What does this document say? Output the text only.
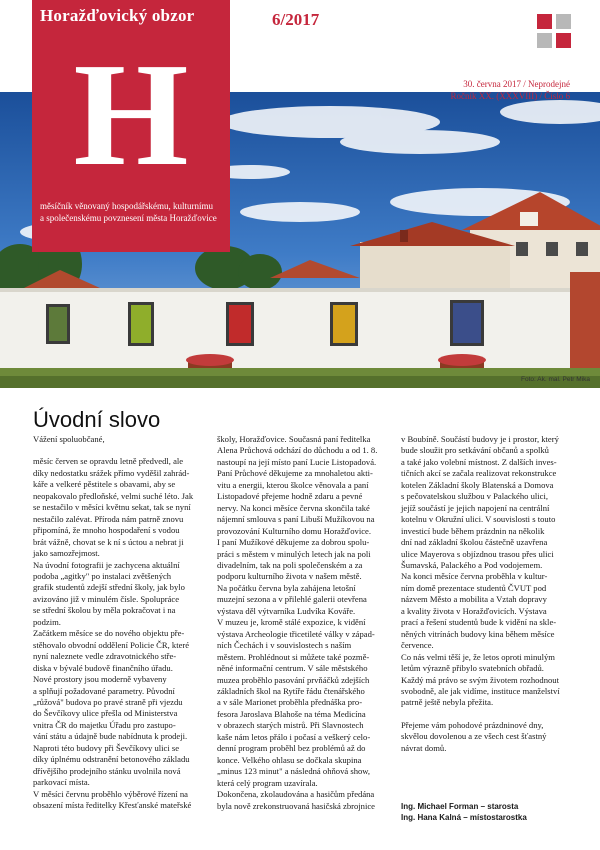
Horažďovický obzor
H
měsíčník věnovaný hospodářskému, kulturnímu
a společenskému povznesení města Horažďovice
6/2017
30. června 2017 / Neprodejné
Ročník XX. (XXXVIII) / Číslo 6
Foto: Ak. mal. Petr Mika
Úvodní slovo

Vážení spoluobčané,

měsíc červen se opravdu letně předvedl, ale

díky nedostatku srážek přímo vyděšil zahrád-

káře a velkeré pěstitele s obavami, aby se

neopakovalo předloňské, velmi suché léto. Jak

se nestačilo v měsíci květnu sekat, tak se nyní

nestačilo zalévat. Příroda nám patrně znovu

připomíná, že mnoho hospodaření s vodou

brát vážně, chovat se k ní s úctou a nebrat ji

jako samozřejmost.

Na úvodní fotografii je zachycena aktuální

podoba „agitky" po instalaci zvětšených

grafik studentů zdejší střední školy, jak bylo

avizováno již v minulém čísle. Spolupráce

se střední školou by měla pokračovat i na

podzim.

Začátkem měsíce se do nového objektu pře-

stěhovalo obvodní oddělení Policie ČR, které

nyní naleznete vedle zdravotnického stře-

diska v bývalé budově finančního úřadu.

Nové prostory jsou moderně vybaveny

a splňují požadované parametry. Původní

„růžová" budova po pravé straně při vjezdu

do Ševčíkovy ulice přešla od Ministerstva

vnitra ČR do majetku Úřadu pro zastupo-

vání státu a údajně bude nabídnuta k prodeji.

Naproti této budovy při Ševčíkovy ulici se

díky úplnému odstranění betonového základu

dřívějšího prodejního stánku uvolnila nová

parkovací místa.

V měsíci červnu proběhlo výběrové řízení na

obsazení místa ředitelky Křesťanské mateřské

školy, Horažďovice. Současná paní ředitelka

Alena Průchová odchází do důchodu a od 1. 8.

nastoupí na její místo paní Lucie Listopadová.

Paní Průchové děkujeme za mnohaletou akti-

vitu a energii, kterou školce věnovala a paní

Listopadové přejeme hodně zdaru a pevné

nervy. Na konci měsíce června skončila také

nájemní smlouva s paní Libuší Mužíkovou na

provozování Kulturního domu Horažďovice.

I paní Mužíkové děkujeme za dobrou spolu-

práci s městem v minulých letech jak na poli

divadelním, tak na poli společenském a za

podporu kulturního života v našem městě.

Na počátku června byla zahájena letošní

muzejní sezona a v přilehlé galerii otevřena

výstava děl výtvarníka Ludvíka Kováře.

V muzeu je, kromě stálé expozice, k vidění

výstava Archeologie třicetileté války v západ-

ních Čechách i v souvislostech s naším

městem. Prohlédnout si můžete také pozmě-

něné informační centrum. V sále městského

muzea proběhlo pasování prvňáčků zdejších

základních škol na Rytíře řádu čtenářského

a v sále Marionet proběhla přednáška pro-

fesora Jaroslava Blahoše na téma Medicína

v obrazech starých mistrů. Při Slavnostech

kaše nám letos přálo i počasí a veškerý celo-

denní program proběhl bez problémů až do

konce. Velkého ohlasu se dočkala skupina

„minus 123 minut" a následná ohňová show,

která celý program uzavírala.

Dokončena, zkolaudována a hasičům předána

byla nově zrekonstruovaná hasičská zbrojnice

v Boubíně. Součástí budovy je i prostor, který

bude sloužit pro setkávání občanů a spolků

a také jako volební místnost. Z dalších inves-

tičních akcí se začala realizovat rekonstrukce

kotelen Základní školy Blatenská a Domova

s pečovatelskou službou v Palackého ulici,

jejíž součástí je jejich napojení na centrální

kotelnu v Okružní ulici. V souvislosti s touto

investicí bude během prázdnin na několik

dní nad základní školou částečně uzavřena

ulice Mayerova s objízdnou trasou přes ulici

Šumavská, Palackého a Pod vodojemem.

Na konci měsíce června proběhla v kultur-

ním domě prezentace studentů ČVUT pod

názvem Město a mobilita a Vztah dopravy

a kvality života v Horažďovicích. Výstava

prací a řešení studentů bude k vidění na skle-

něných vitrínách budovy kina během měsíce

července.

Co nás velmi těší je, že letos oproti minulým

letům výrazně přibylo svatebních obřadů.

Každý má právo se svým životem rozhodnout

svobodně, ale jak vidíme, instituce manželství

patrně ještě nebyla přežita.

Přejeme vám pohodové prázdninové dny,

skvělou dovolenou a ze všech cest šťastný

návrat domů.

Ing. Michael Forman – starosta
Ing. Hana Kalná – místostarostka
